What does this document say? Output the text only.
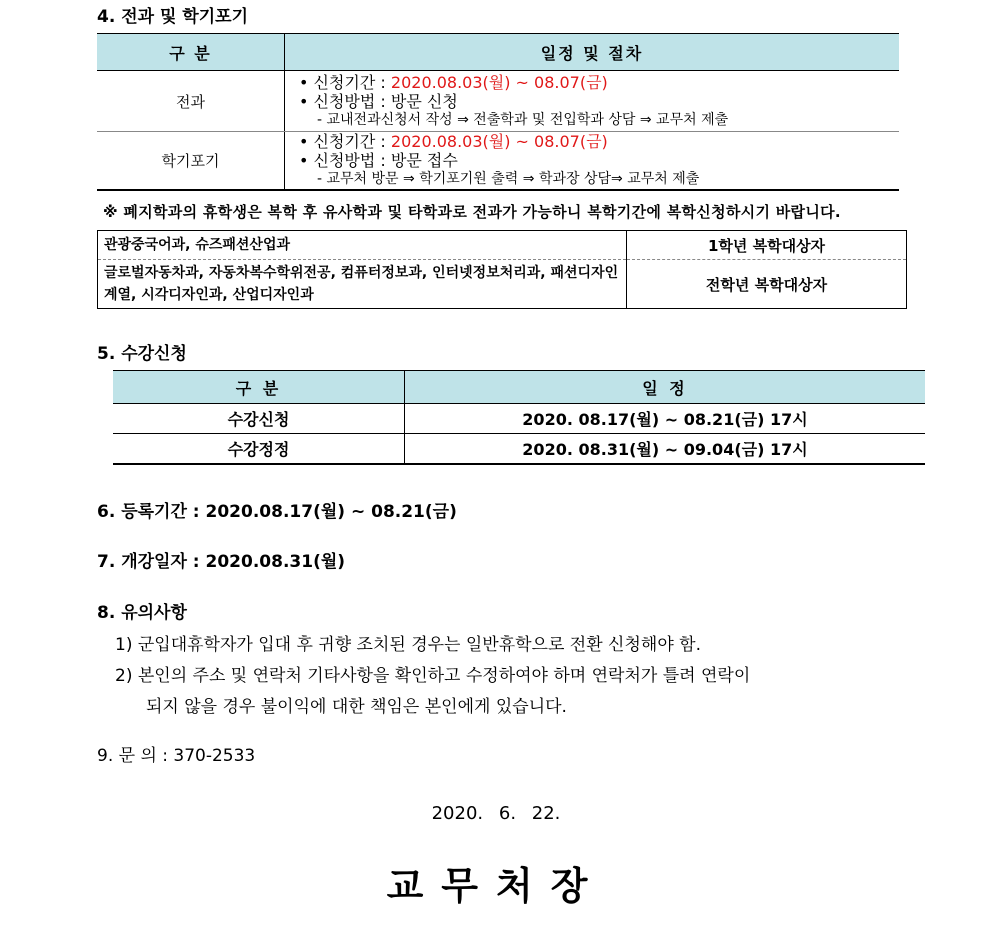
4. 전과 및 학기포기
구 분	일정 및 절차
전과	• 신청기간 : 2020.08.03(월) ~ 08.07(금)
• 신청방법 : 방문 신청
- 교내전과신청서 작성 ⇒ 전출학과 및 전입학과 상담 ⇒ 교무처 제출

학기포기	• 신청기간 : 2020.08.03(월) ~ 08.07(금)
• 신청방법 : 방문 접수
- 교무처 방문 ⇒ 학기포기원 출력 ⇒ 학과장 상담⇒ 교무처 제출
※ 폐지학과의 휴학생은 복학 후 유사학과 및 타학과로 전과가 가능하니 복학기간에 복학신청하시기 바랍니다.
관광중국어과, 슈즈패션산업과	1학년 복학대상자
글로벌자동차과, 자동차복수학위전공, 컴퓨터정보과, 인터넷정보처리과, 패션디자인계열, 시각디자인과, 산업디자인과	전학년 복학대상자
5. 수강신청
구 분	일 정
수강신청	2020. 08.17(월) ~ 08.21(금) 17시
수강정정	2020. 08.31(월) ~ 09.04(금) 17시
6. 등록기간 : 2020.08.17(월) ~ 08.21(금)
7. 개강일자 : 2020.08.31(월)
8. 유의사항
1) 군입대휴학자가 입대 후 귀향 조치된 경우는 일반휴학으로 전환 신청해야 함.
2) 본인의 주소 및 연락처 기타사항을 확인하고 수정하여야 하며 연락처가 틀려 연락이
되지 않을 경우 불이익에 대한 책임은 본인에게 있습니다.
9. 문 의 : 370-2533
2020. 6. 22.
교무처장
